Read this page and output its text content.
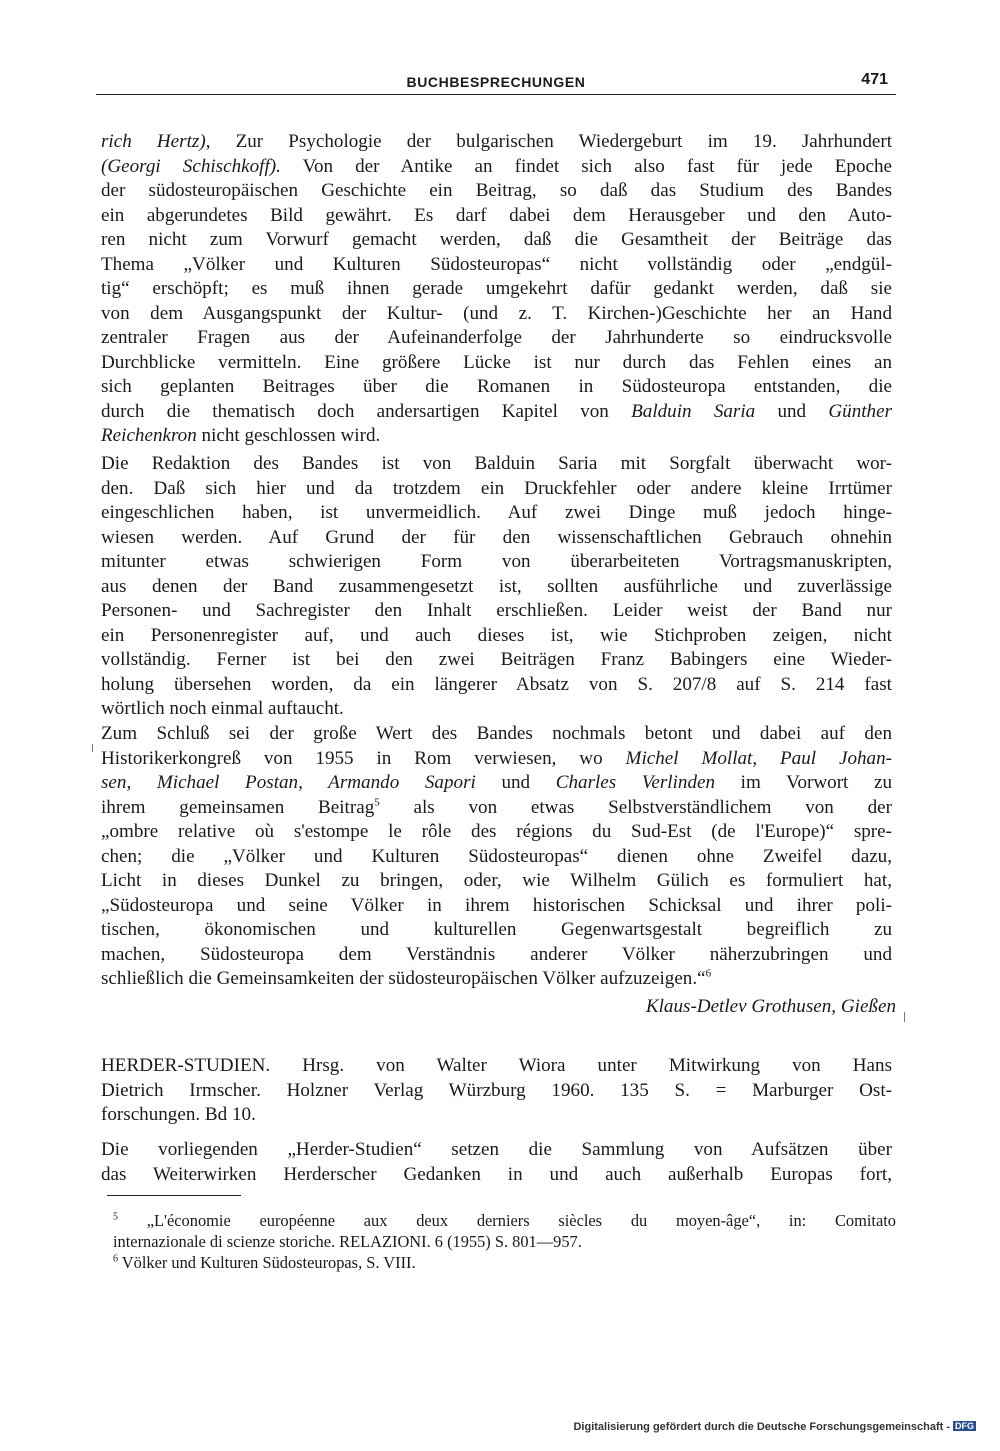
BUCHBESPRECHUNGEN	471
rich Hertz), Zur Psychologie der bulgarischen Wiedergeburt im 19. Jahrhundert
(Georgi Schischkoff). Von der Antike an findet sich also fast für jede Epoche
der südosteuropäischen Geschichte ein Beitrag, so daß das Studium des Bandes
ein abgerundetes Bild gewährt. Es darf dabei dem Herausgeber und den Auto-
ren nicht zum Vorwurf gemacht werden, daß die Gesamtheit der Beiträge das
Thema „Völker und Kulturen Südosteuropas“ nicht vollständig oder „endgül-
tig“ erschöpft; es muß ihnen gerade umgekehrt dafür gedankt werden, daß sie
von dem Ausgangspunkt der Kultur- (und z. T. Kirchen-)Geschichte her an Hand
zentraler Fragen aus der Aufeinanderfolge der Jahrhunderte so eindrucksvolle
Durchblicke vermitteln. Eine größere Lücke ist nur durch das Fehlen eines an
sich geplanten Beitrages über die Romanen in Südosteuropa entstanden, die
durch die thematisch doch andersartigen Kapitel von Balduin Saria und Günther
Reichenkron nicht geschlossen wird.
Die Redaktion des Bandes ist von Balduin Saria mit Sorgfalt überwacht wor-
den. Daß sich hier und da trotzdem ein Druckfehler oder andere kleine Irrtümer
eingeschlichen haben, ist unvermeidlich. Auf zwei Dinge muß jedoch hinge-
wiesen werden. Auf Grund der für den wissenschaftlichen Gebrauch ohnehin
mitunter etwas schwierigen Form von überarbeiteten Vortragsmanuskripten,
aus denen der Band zusammengesetzt ist, sollten ausführliche und zuverlässige
Personen- und Sachregister den Inhalt erschließen. Leider weist der Band nur
ein Personenregister auf, und auch dieses ist, wie Stichproben zeigen, nicht
vollständig. Ferner ist bei den zwei Beiträgen Franz Babingers eine Wieder-
holung übersehen worden, da ein längerer Absatz von S. 207/8 auf S. 214 fast
wörtlich noch einmal auftaucht.
Zum Schluß sei der große Wert des Bandes nochmals betont und dabei auf den
Historikerkongreß von 1955 in Rom verwiesen, wo Michel Mollat, Paul Johan-
sen, Michael Postan, Armando Sapori und Charles Verlinden im Vorwort zu
ihrem gemeinsamen Beitrag$^5$ als von etwas Selbstverständlichem von der
„ombre relative où s'estompe le rôle des régions du Sud-Est (de l'Europe)“ spre-
chen; die „Völker und Kulturen Südosteuropas“ dienen ohne Zweifel dazu,
Licht in dieses Dunkel zu bringen, oder, wie Wilhelm Gülich es formuliert hat,
„Südosteuropa und seine Völker in ihrem historischen Schicksal und ihrer poli-
tischen, ökonomischen und kulturellen Gegenwartsgestalt begreiflich zu
machen, Südosteuropa dem Verständnis anderer Völker näherzubringen und
schließlich die Gemeinsamkeiten der südosteuropäischen Völker aufzuzeigen.“$^6$
Klaus-Detlev Grothusen, Gießen
HERDER-STUDIEN. Hrsg. von Walter Wiora unter Mitwirkung von Hans
Dietrich Irmscher. Holzner Verlag Würzburg 1960. 135 S. = Marburger Ost-
forschungen. Bd 10.
Die vorliegenden „Herder-Studien“ setzen die Sammlung von Aufsätzen über
das Weiterwirken Herderscher Gedanken in und auch außerhalb Europas fort,
$^5$ „L'économie européenne aux deux derniers siècles du moyen-âge“, in: Comitato
internazionale di scienze storiche. RELAZIONI. 6 (1955) S. 801—957.
$^6$ Völker und Kulturen Südosteuropas, S. VIII.
Digitalisierung gefördert durch die Deutsche Forschungsgemeinschaft - DFG
